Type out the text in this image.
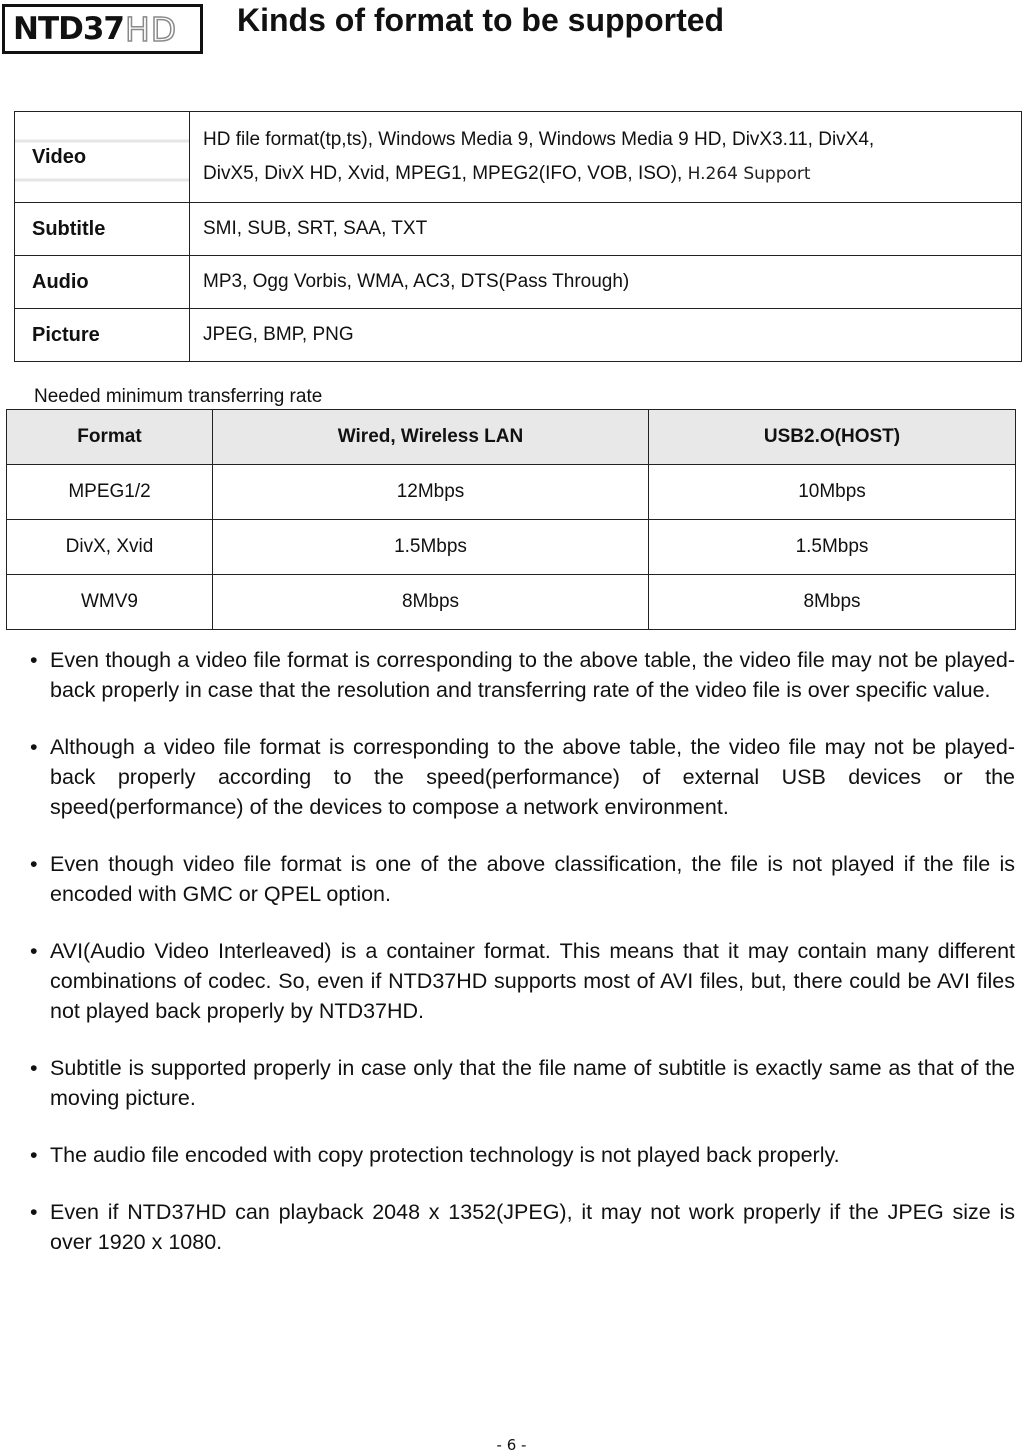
NTD37 HD Kinds of format to be supported
Video	HD file format(tp,ts), Windows Media 9, Windows Media 9 HD, DivX3.11, DivX4,
DivX5, DivX HD, Xvid, MPEG1, MPEG2(IFO, VOB, ISO), H.264 Support

Subtitle	SMI, SUB, SRT, SAA, TXT
Audio	MP3, Ogg Vorbis, WMA, AC3, DTS(Pass Through)
Picture	JPEG, BMP, PNG
Needed minimum transferring rate
Format	Wired, Wireless LAN	USB2.O(HOST)
MPEG1/2	12Mbps	10Mbps
DivX, Xvid	1.5Mbps	1.5Mbps
WMV9	8Mbps	8Mbps
• Even though a video file format is corresponding to the above table, the video file may not be played-back properly in case that the resolution and transferring rate of the video file is over specific value.
• Although a video file format is corresponding to the above table, the video file may not be played-back properly according to the speed(performance) of external USB devices or the speed(performance) of the devices to compose a network environment.
• Even though video file format is one of the above classification, the file is not played if the file is encoded with GMC or QPEL option.
• AVI(Audio Video Interleaved) is a container format. This means that it may contain many different combinations of codec. So, even if NTD37HD supports most of AVI files, but, there could be AVI files not played back properly by NTD37HD.
• Subtitle is supported properly in case only that the file name of subtitle is exactly same as that of the moving picture.
• The audio file encoded with copy protection technology is not played back properly.
• Even if NTD37HD can playback 2048 x 1352(JPEG), it may not work properly if the JPEG size is over 1920 x 1080.
- 6 -
